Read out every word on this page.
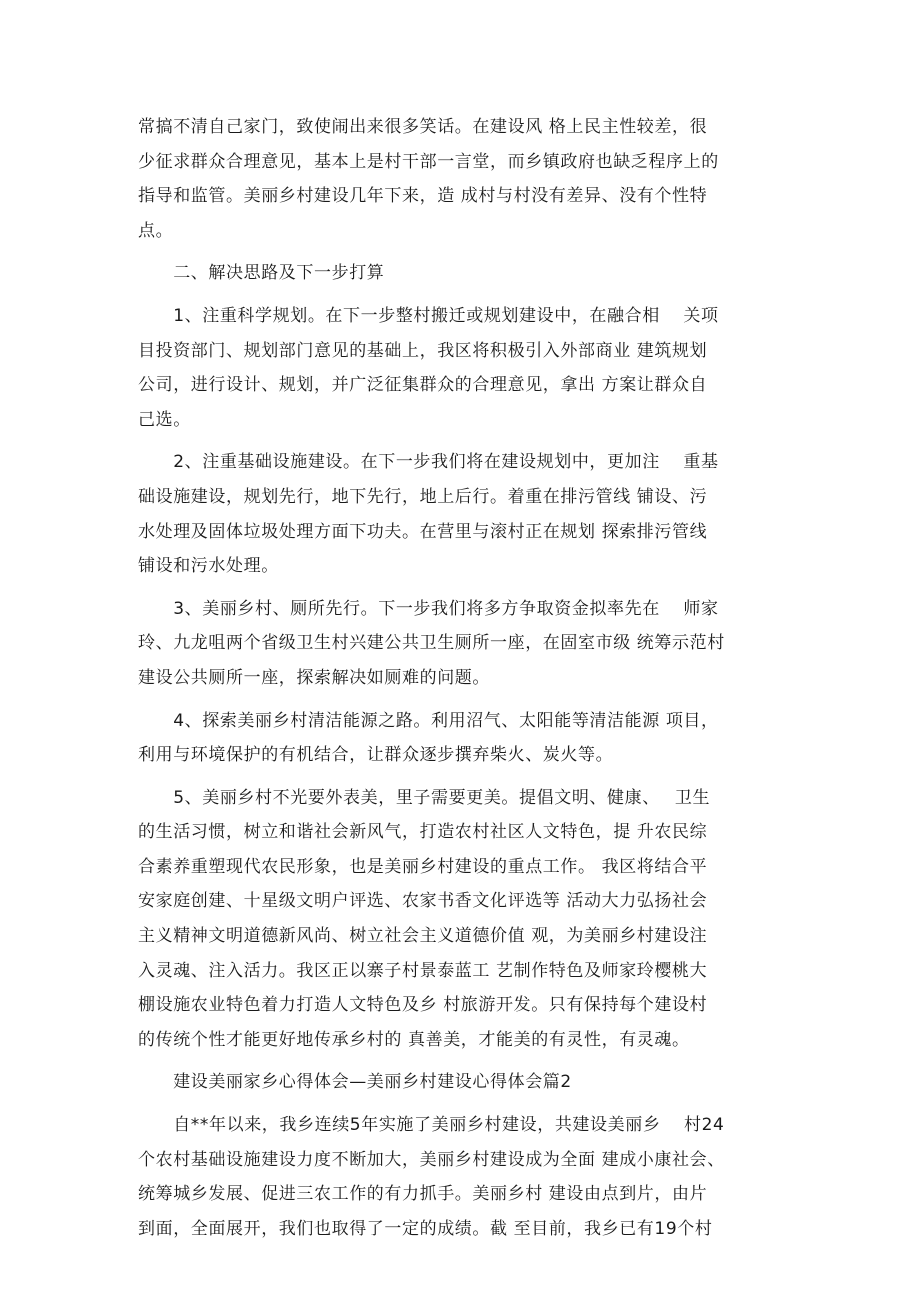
常搞不清自己家门，致使闹出来很多笑话。在建设风 格上民主性较差，很

少征求群众合理意见，基本上是村干部一言堂，而乡镇政府也缺乏程序上的

指导和监管。美丽乡村建设几年下来，造 成村与村没有差异、没有个性特

点。

　　二、解决思路及下一步打算

　　1、注重科学规划。在下一步整村搬迁或规划建设中，在融合相　 关项

目投资部门、规划部门意见的基础上，我区将积极引入外部商业 建筑规划

公司，进行设计、规划，并广泛征集群众的合理意见，拿出 方案让群众自

己选。

　　2、注重基础设施建设。在下一步我们将在建设规划中，更加注　 重基

础设施建设，规划先行，地下先行，地上后行。着重在排污管线 铺设、污

水处理及固体垃圾处理方面下功夫。在营里与滚村正在规划 探索排污管线

铺设和污水处理。

　　3、美丽乡村、厕所先行。下一步我们将多方争取资金拟率先在　 师家

玲、九龙咀两个省级卫生村兴建公共卫生厕所一座，在固室市级 统筹示范村

建设公共厕所一座，探索解决如厕难的问题。

　　4、探索美丽乡村清洁能源之路。利用沼气、太阳能等清洁能源 项目，

利用与环境保护的有机结合，让群众逐步撰弃柴火、炭火等。

　　5、美丽乡村不光要外表美，里子需要更美。提倡文明、健康、　 卫生

的生活习惯，树立和谐社会新风气，打造农村社区人文特色，提 升农民综

合素养重塑现代农民形象，也是美丽乡村建设的重点工作。 我区将结合平

安家庭创建、十星级文明户评选、农家书香文化评选等 活动大力弘扬社会

主义精神文明道德新风尚、树立社会主义道德价值 观，为美丽乡村建设注

入灵魂、注入活力。我区正以寨子村景泰蓝工 艺制作特色及师家玲樱桃大

棚设施农业特色着力打造人文特色及乡 村旅游开发。只有保持每个建设村

的传统个性才能更好地传承乡村的 真善美，才能美的有灵性，有灵魂。

　　建设美丽家乡心得体会—美丽乡村建设心得体会篇2

　　自**年以来，我乡连续5年实施了美丽乡村建设，共建设美丽乡　 村24

个农村基础设施建设力度不断加大，美丽乡村建设成为全面 建成小康社会、

统筹城乡发展、促进三农工作的有力抓手。美丽乡村 建设由点到片，由片

到面，全面展开，我们也取得了一定的成绩。截 至目前，我乡已有19个村
